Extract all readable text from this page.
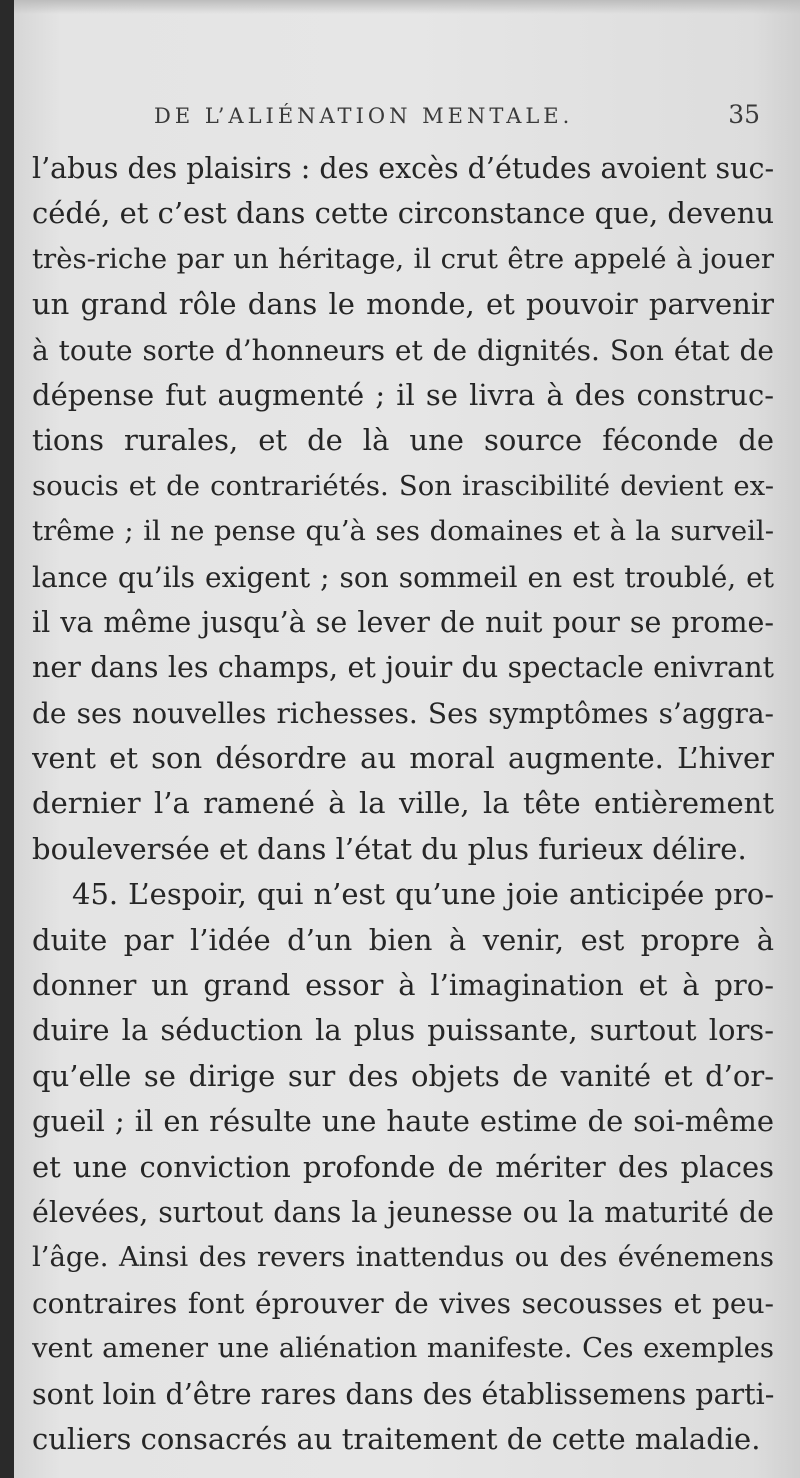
DE L’ALIÉNATION MENTALE.	35
l’abus des plaisirs : des excès d’études avoient suc-
cédé, et c’est dans cette circonstance que, devenu
très-riche par un héritage, il crut être appelé à jouer
un grand rôle dans le monde, et pouvoir parvenir
à toute sorte d’honneurs et de dignités. Son état de
dépense fut augmenté ; il se livra à des construc-
tions rurales, et de là une source féconde de
soucis et de contrariétés. Son irascibilité devient ex-
trême ; il ne pense qu’à ses domaines et à la surveil-
lance qu’ils exigent ; son sommeil en est troublé, et
il va même jusqu’à se lever de nuit pour se prome-
ner dans les champs, et jouir du spectacle enivrant
de ses nouvelles richesses. Ses symptômes s’aggra-
vent et son désordre au moral augmente. L’hiver
dernier l’a ramené à la ville, la tête entièrement
bouleversée et dans l’état du plus furieux délire.
45. L’espoir, qui n’est qu’une joie anticipée pro-
duite par l’idée d’un bien à venir, est propre à
donner un grand essor à l’imagination et à pro-
duire la séduction la plus puissante, surtout lors-
qu’elle se dirige sur des objets de vanité et d’or-
gueil ; il en résulte une haute estime de soi-même
et une conviction profonde de mériter des places
élevées, surtout dans la jeunesse ou la maturité de
l’âge. Ainsi des revers inattendus ou des événemens
contraires font éprouver de vives secousses et peu-
vent amener une aliénation manifeste. Ces exemples
sont loin d’être rares dans des établissemens parti-
culiers consacrés au traitement de cette maladie.
